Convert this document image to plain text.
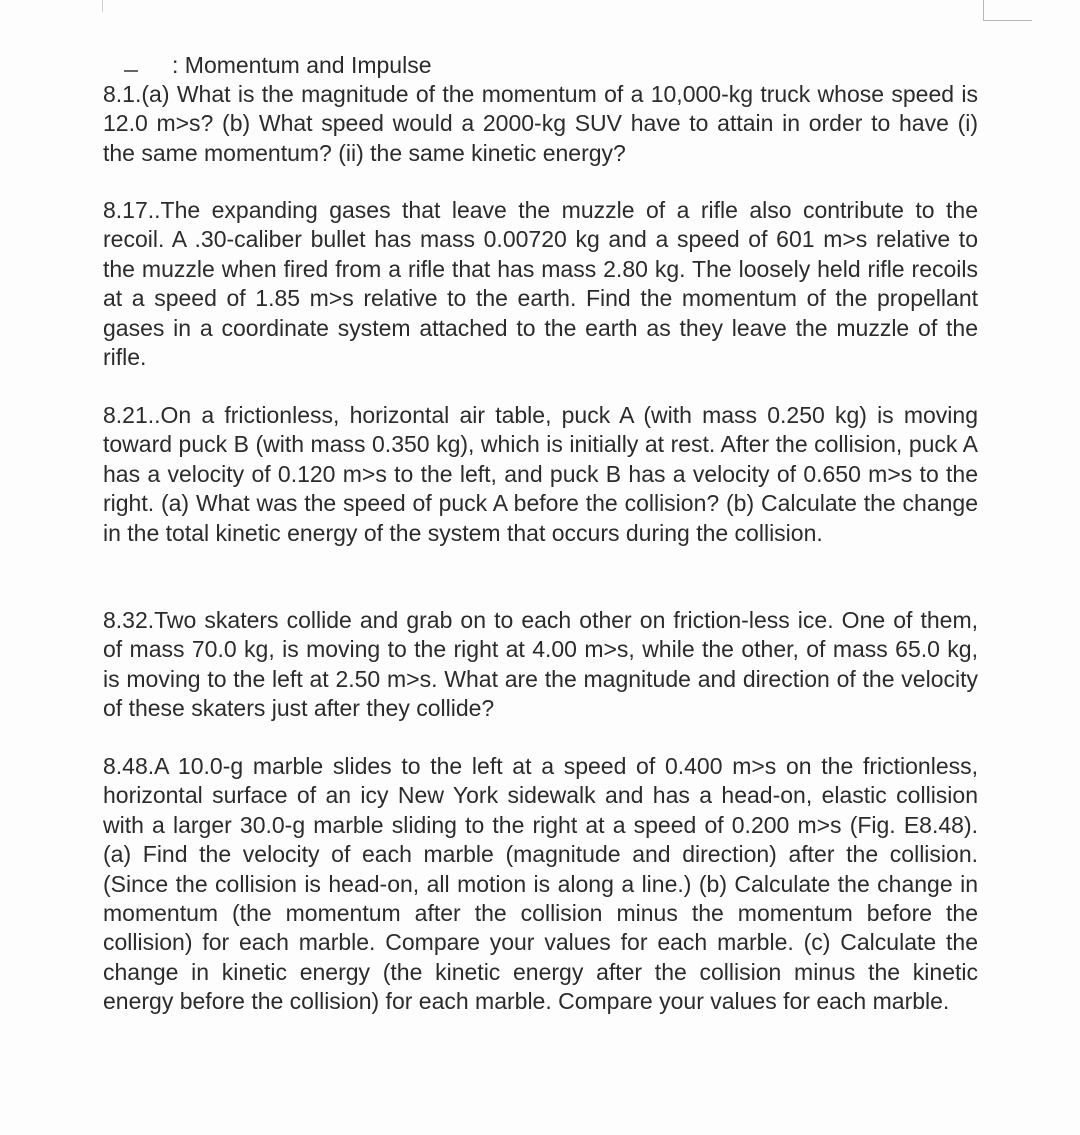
: Momentum and Impulse

8.1.(a) What is the magnitude of the momentum of a 10,000-kg truck whose speed is 12.0 m>s? (b) What speed would a 2000-kg SUV have to attain in order to have (i) the same momentum? (ii) the same kinetic energy?

8.17..The expanding gases that leave the muzzle of a rifle also contribute to the recoil. A .30-caliber bullet has mass 0.00720 kg and a speed of 601 m>s relative to the muzzle when fired from a rifle that has mass 2.80 kg. The loosely held rifle recoils at a speed of 1.85 m>s relative to the earth. Find the momentum of the propellant gases in a coordinate system attached to the earth as they leave the muzzle of the rifle.

8.21..On a frictionless, horizontal air table, puck A (with mass 0.250 kg) is moving toward puck B (with mass 0.350 kg), which is initially at rest. After the collision, puck A has a velocity of 0.120 m>s to the left, and puck B has a velocity of 0.650 m>s to the right. (a) What was the speed of puck A before the collision? (b) Calculate the change in the total kinetic energy of the system that occurs during the collision.

8.32.Two skaters collide and grab on to each other on friction-less ice. One of them, of mass 70.0 kg, is moving to the right at 4.00 m>s, while the other, of mass 65.0 kg, is moving to the left at 2.50 m>s. What are the magnitude and direction of the velocity of these skaters just after they collide?

8.48.A 10.0-g marble slides to the left at a speed of 0.400 m>s on the frictionless, horizontal surface of an icy New York sidewalk and has a head-on, elastic collision with a larger 30.0-g marble sliding to the right at a speed of 0.200 m>s (Fig. E8.48). (a) Find the velocity of each marble (magnitude and direction) after the collision. (Since the collision is head-on, all motion is along a line.) (b) Calculate the change in momentum (the momentum after the collision minus the momentum before the collision) for each marble. Compare your values for each marble. (c) Calculate the change in kinetic energy (the kinetic energy after the collision minus the kinetic energy before the collision) for each marble. Compare your values for each marble.
